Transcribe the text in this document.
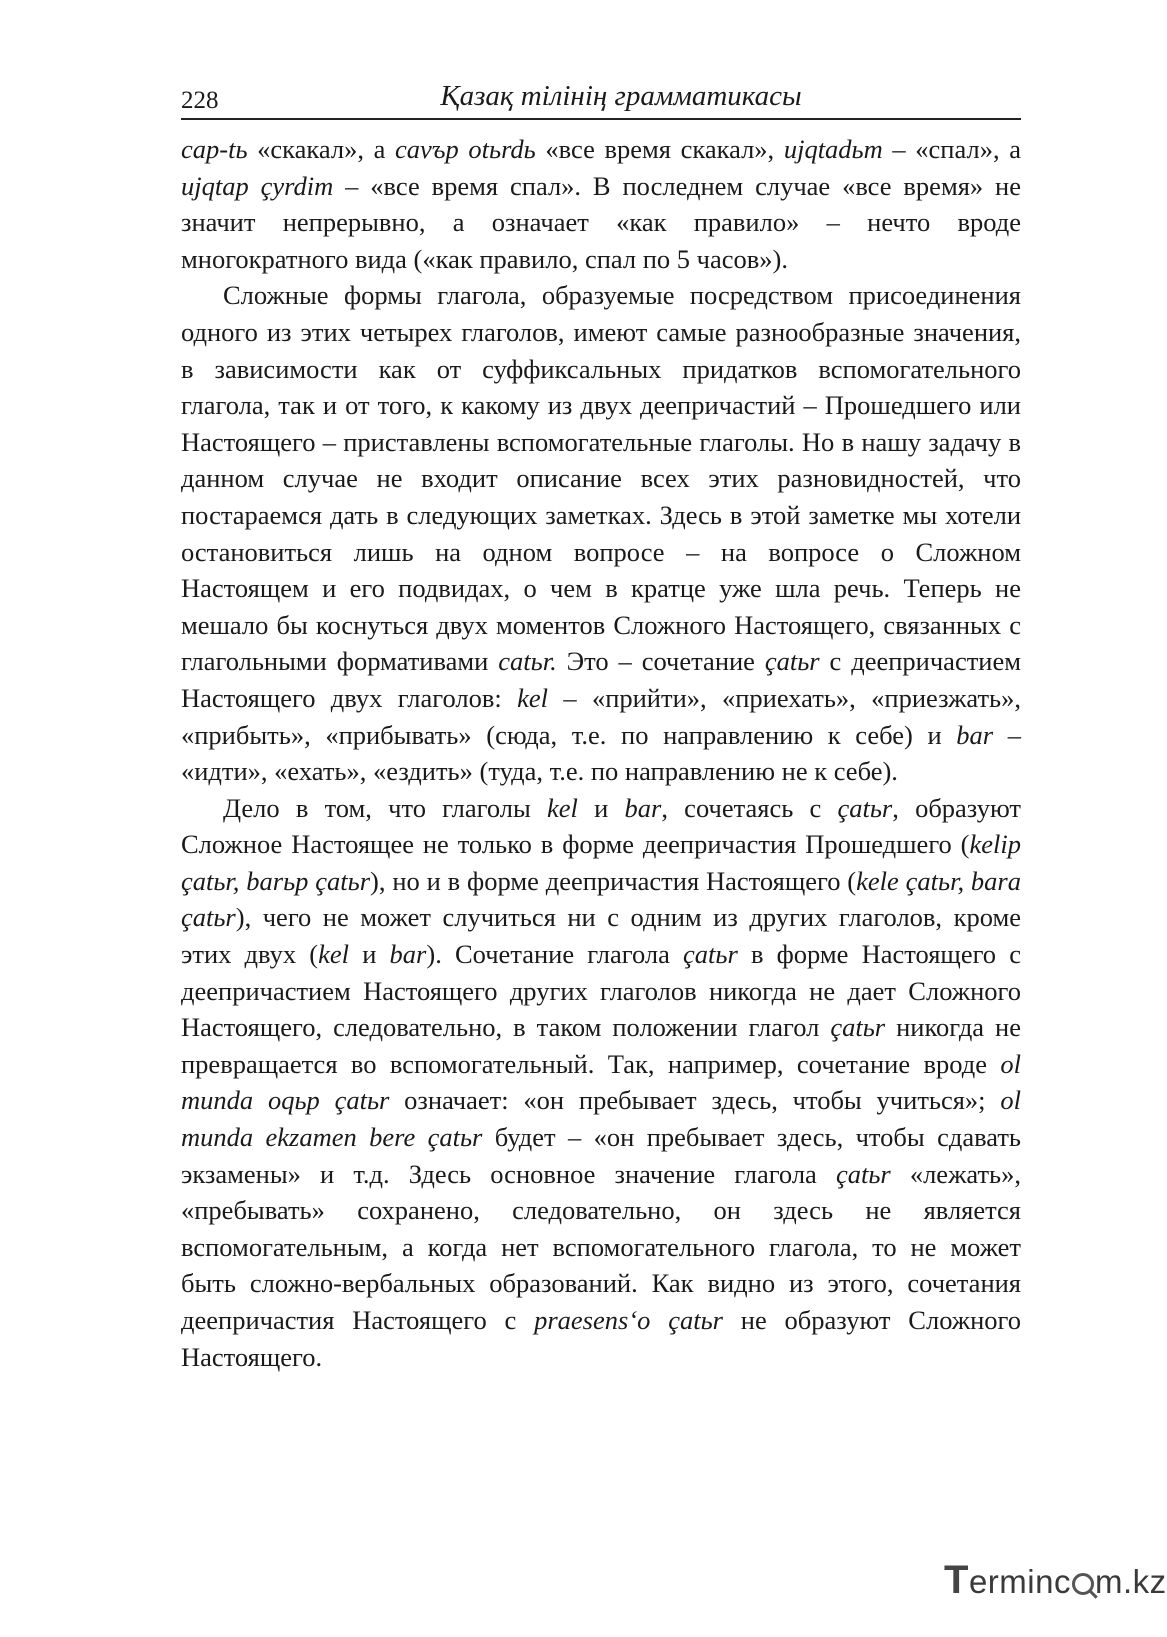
228	Қазақ тілінің грамматикасы

cap-tь «скакал», а cavър otьrdь «все время скакал», ujqtadьm – «спал», а ujqtap çyrdim – «все время спал». В последнем случае «все время» не значит непрерывно, а означает «как правило» – нечто вроде многократного вида («как правило, спал по 5 часов»).

Сложные формы глагола, образуемые посредством присоединения одного из этих четырех глаголов, имеют самые разнообразные значения, в зависимости как от суффиксальных придатков вспомогательного глагола, так и от того, к какому из двух деепричастий – Прошедшего или Настоящего – приставлены вспомогательные глаголы. Но в нашу задачу в данном случае не входит описание всех этих разновидностей, что постараемся дать в следующих заметках. Здесь в этой заметке мы хотели остановиться лишь на одном вопросе – на вопросе о Сложном Настоящем и его подвидах, о чем в кратце уже шла речь. Теперь не мешало бы коснуться двух моментов Сложного Настоящего, связанных с глагольными формативами catьr. Это – сочетание çatьr с деепричастием Настоящего двух глаголов: kel – «прийти», «приехать», «приезжать», «прибыть», «прибывать» (сюда, т.е. по направлению к себе) и bar – «идти», «ехать», «ездить» (туда, т.е. по направлению не к себе).

Дело в том, что глаголы kel и bar, сочетаясь с çatьr, образуют Сложное Настоящее не только в форме деепричастия Прошедшего (kelip çatьr, barьp çatьr), но и в форме деепричастия Настоящего (kele çatьr, bara çatьr), чего не может случиться ни с одним из других глаголов, кроме этих двух (kel и bar). Сочетание глагола çatьr в форме Настоящего с деепричастием Настоящего других глаголов никогда не дает Сложного Настоящего, следовательно, в таком положении глагол çatьr никогда не превращается во вспомогательный. Так, например, сочетание вроде ol munda oqьp çatьr означает: «он пребывает здесь, чтобы учиться»; ol munda ekzamen bere çatьr будет – «он пребывает здесь, чтобы сдавать экзамены» и т.д. Здесь основное значение глагола çatьr «лежать», «пребывать» сохранено, следовательно, он здесь не является вспомогательным, а когда нет вспомогательного глагола, то не может быть сложно-вербальных образований. Как видно из этого, сочетания деепричастия Настоящего с praesens‘o çatьr не образуют Сложного Настоящего.

Terminc m.kz
